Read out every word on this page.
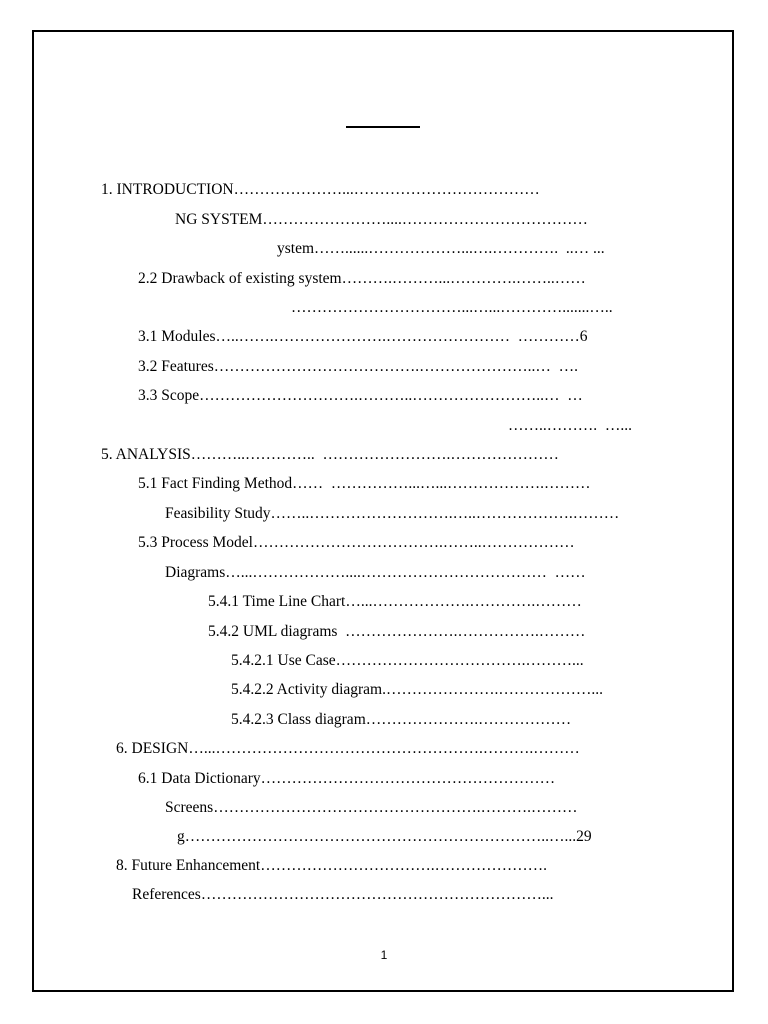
1. INTRODUCTION…………………...………………………………
NG SYSTEM……………………....………………………………
ystem……......………………...….………….  ..… ...
2.2 Drawback of existing system……….………...………….……..……
……………………………...…...………….......…..
3.1 Modules…..…….………………….……………………  …………6
3.2 Features………………………………….…………………..…  ….
3.3 Scope………………………….………..……………………..…  …
……..……….  …...
5. ANALYSIS………..…………..  …………………….…………………
5.1 Fact Finding Method……  ……………...…...……………….………
Feasibility Study……..……………………….…..……………….………
5.3 Process Model……………………………….……..………………
Diagrams…...………………....………………………………  ……
5.4.1 Time Line Chart…...……………….………….………
5.4.2 UML diagrams  ………………….…………….………
5.4.2.1 Use Case……………………………….………...
5.4.2.2 Activity diagram.………………….………………...
5.4.2.3 Class diagram………………….………………
6. DESIGN…...…………………………………………….……….………
6.1 Data Dictionary…………………………………………………
Screens…………………………………………….……….………
g……………………………………………………………..…...29
8. Future Enhancement…………………………….………………….
References…………………………………………………………...
1
